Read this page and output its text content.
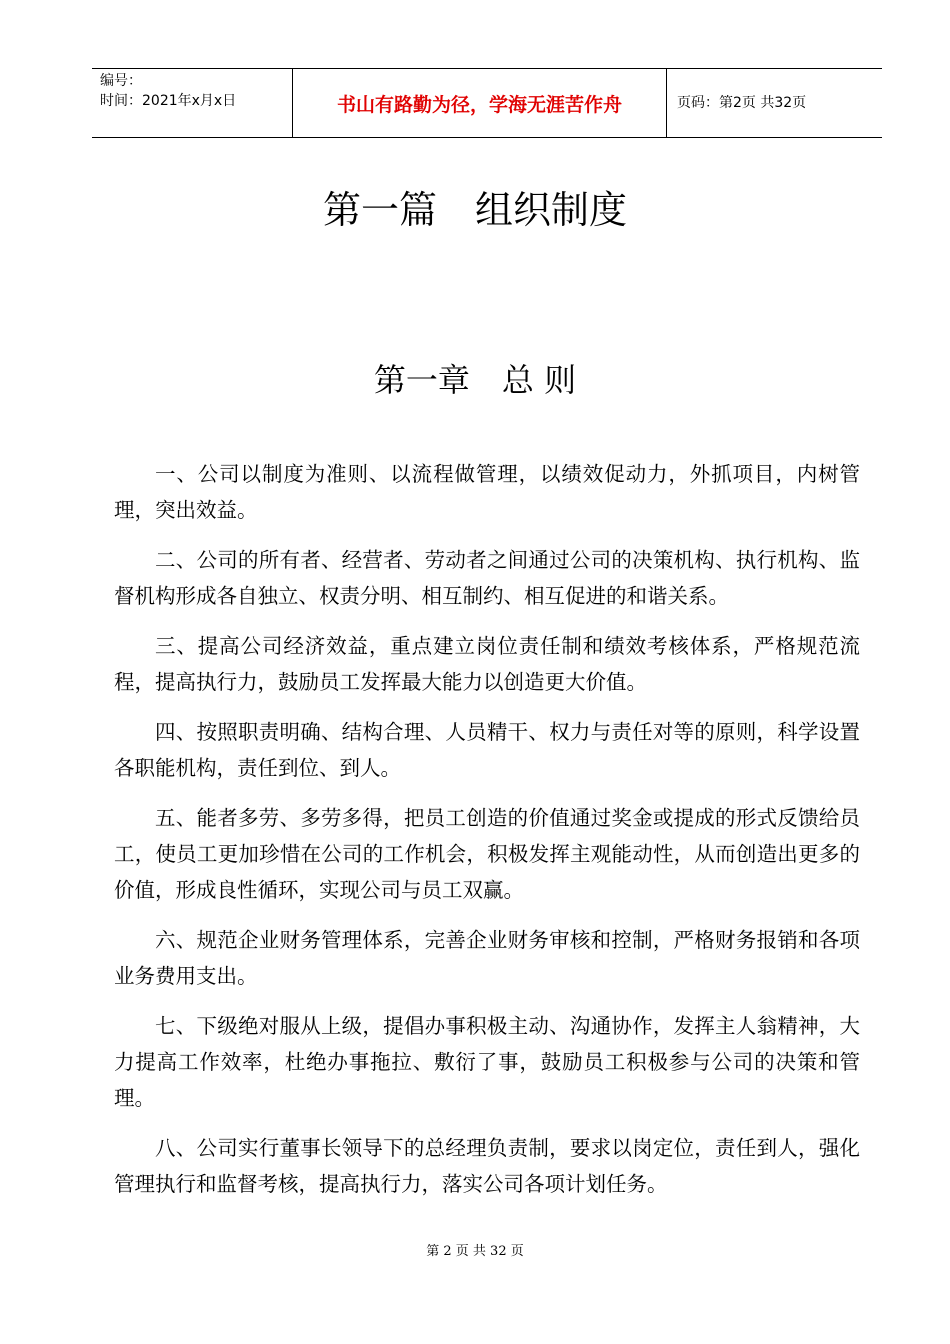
编号：
时间：2021年x月x日	书山有路勤为径，学海无涯苦作舟	页码：第2页 共32页
第一篇　组织制度
第一章　总 则

一、公司以制度为准则、以流程做管理，以绩效促动力，外抓项目，内树管理，突出效益。

二、公司的所有者、经营者、劳动者之间通过公司的决策机构、执行机构、监督机构形成各自独立、权责分明、相互制约、相互促进的和谐关系。

三、提高公司经济效益，重点建立岗位责任制和绩效考核体系，严格规范流程，提高执行力，鼓励员工发挥最大能力以创造更大价值。

四、按照职责明确、结构合理、人员精干、权力与责任对等的原则，科学设置各职能机构，责任到位、到人。

五、能者多劳、多劳多得，把员工创造的价值通过奖金或提成的形式反馈给员工，使员工更加珍惜在公司的工作机会，积极发挥主观能动性，从而创造出更多的价值，形成良性循环，实现公司与员工双赢。

六、规范企业财务管理体系，完善企业财务审核和控制，严格财务报销和各项业务费用支出。

七、下级绝对服从上级，提倡办事积极主动、沟通协作，发挥主人翁精神，大力提高工作效率，杜绝办事拖拉、敷衍了事，鼓励员工积极参与公司的决策和管理。

八、公司实行董事长领导下的总经理负责制，要求以岗定位，责任到人，强化管理执行和监督考核，提高执行力，落实公司各项计划任务。

第 2 页 共 32 页
